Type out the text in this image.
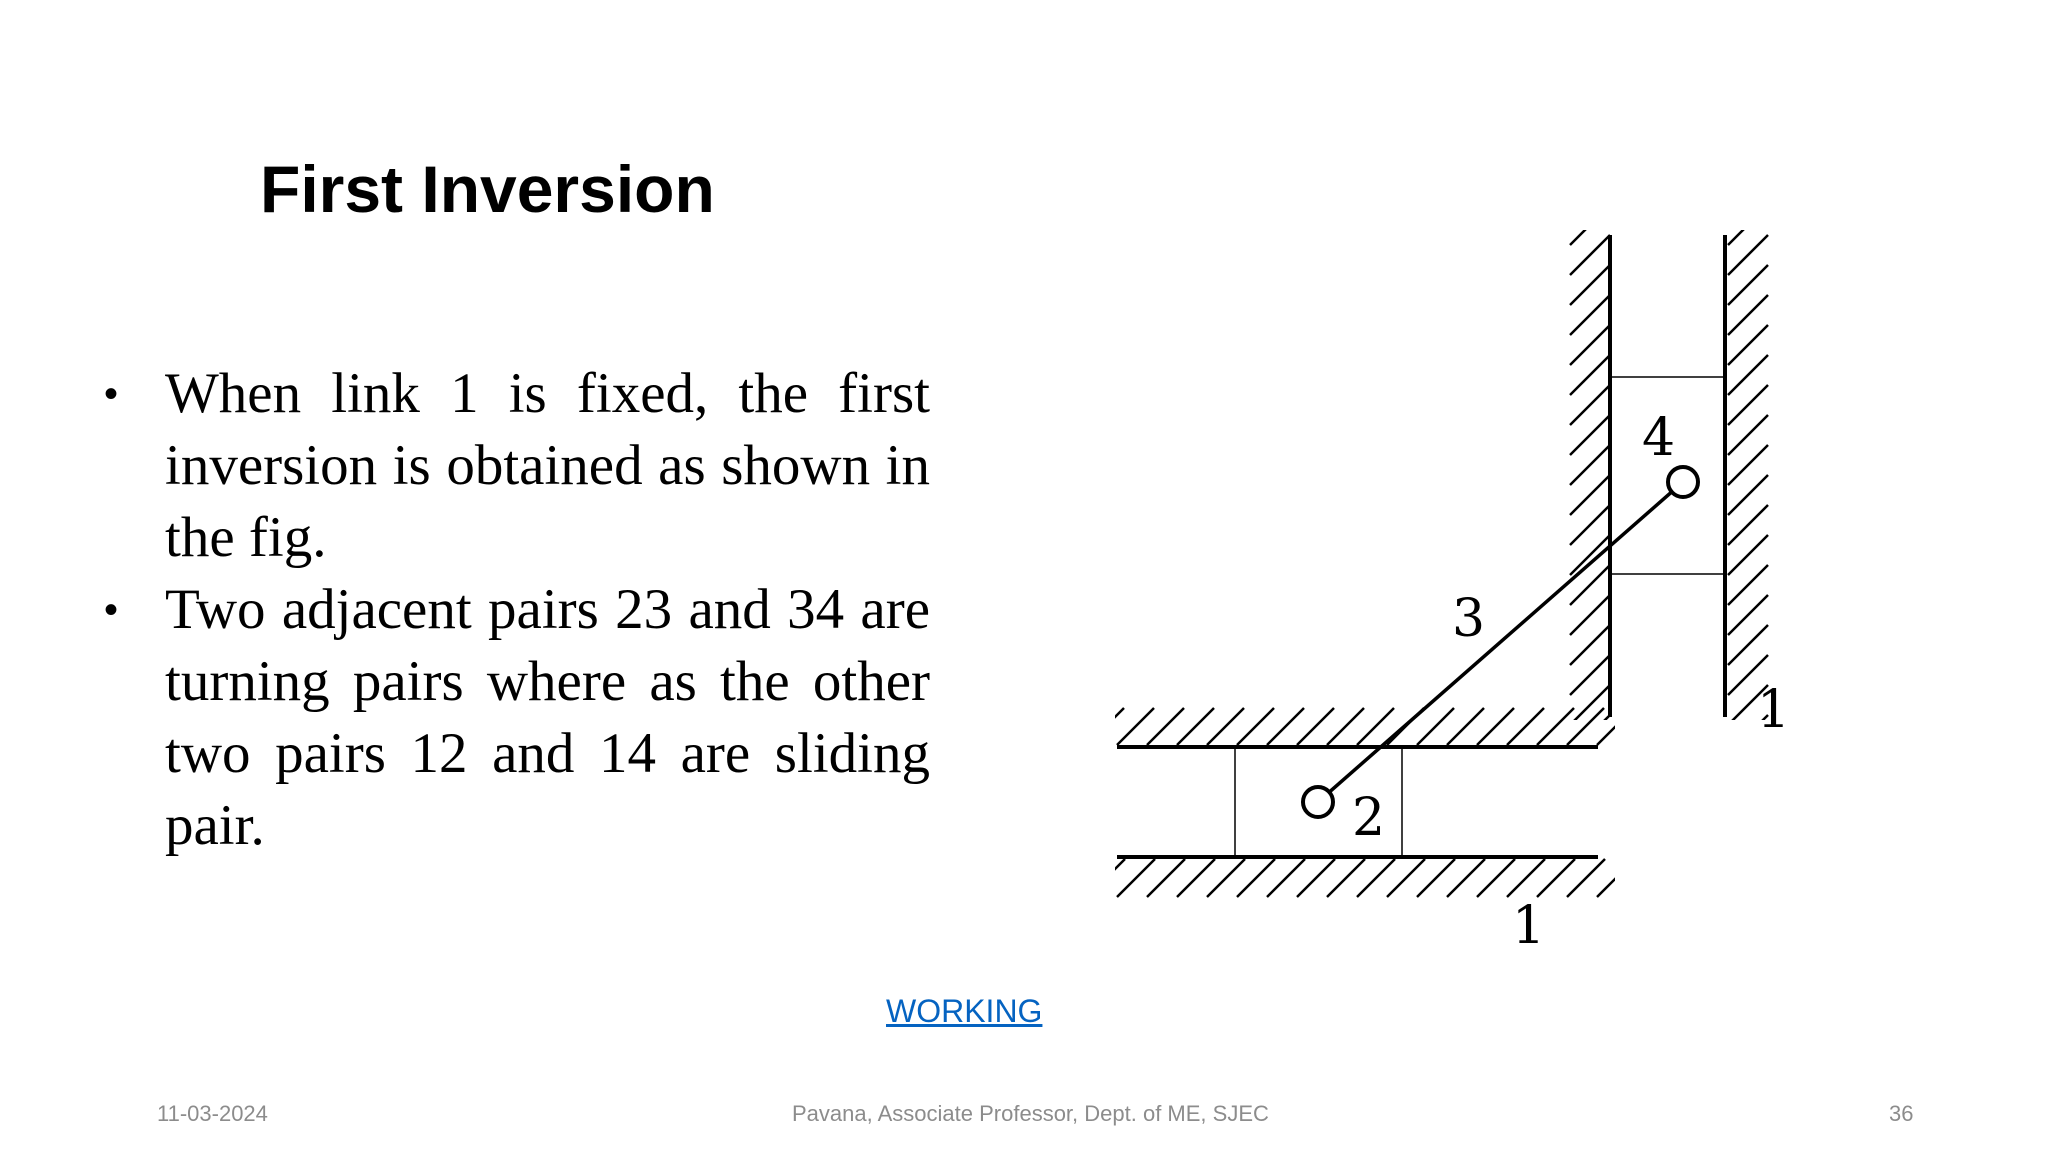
First Inversion
• When link 1 is fixed, the first inversion is obtained as shown in the fig.
• Two adjacent pairs 23 and 34 are turning pairs where as the other two pairs 12 and 14 are sliding pair.
3
4
2
1
1
WORKING
11-03-2024	Pavana, Associate Professor, Dept. of ME, SJEC	36
